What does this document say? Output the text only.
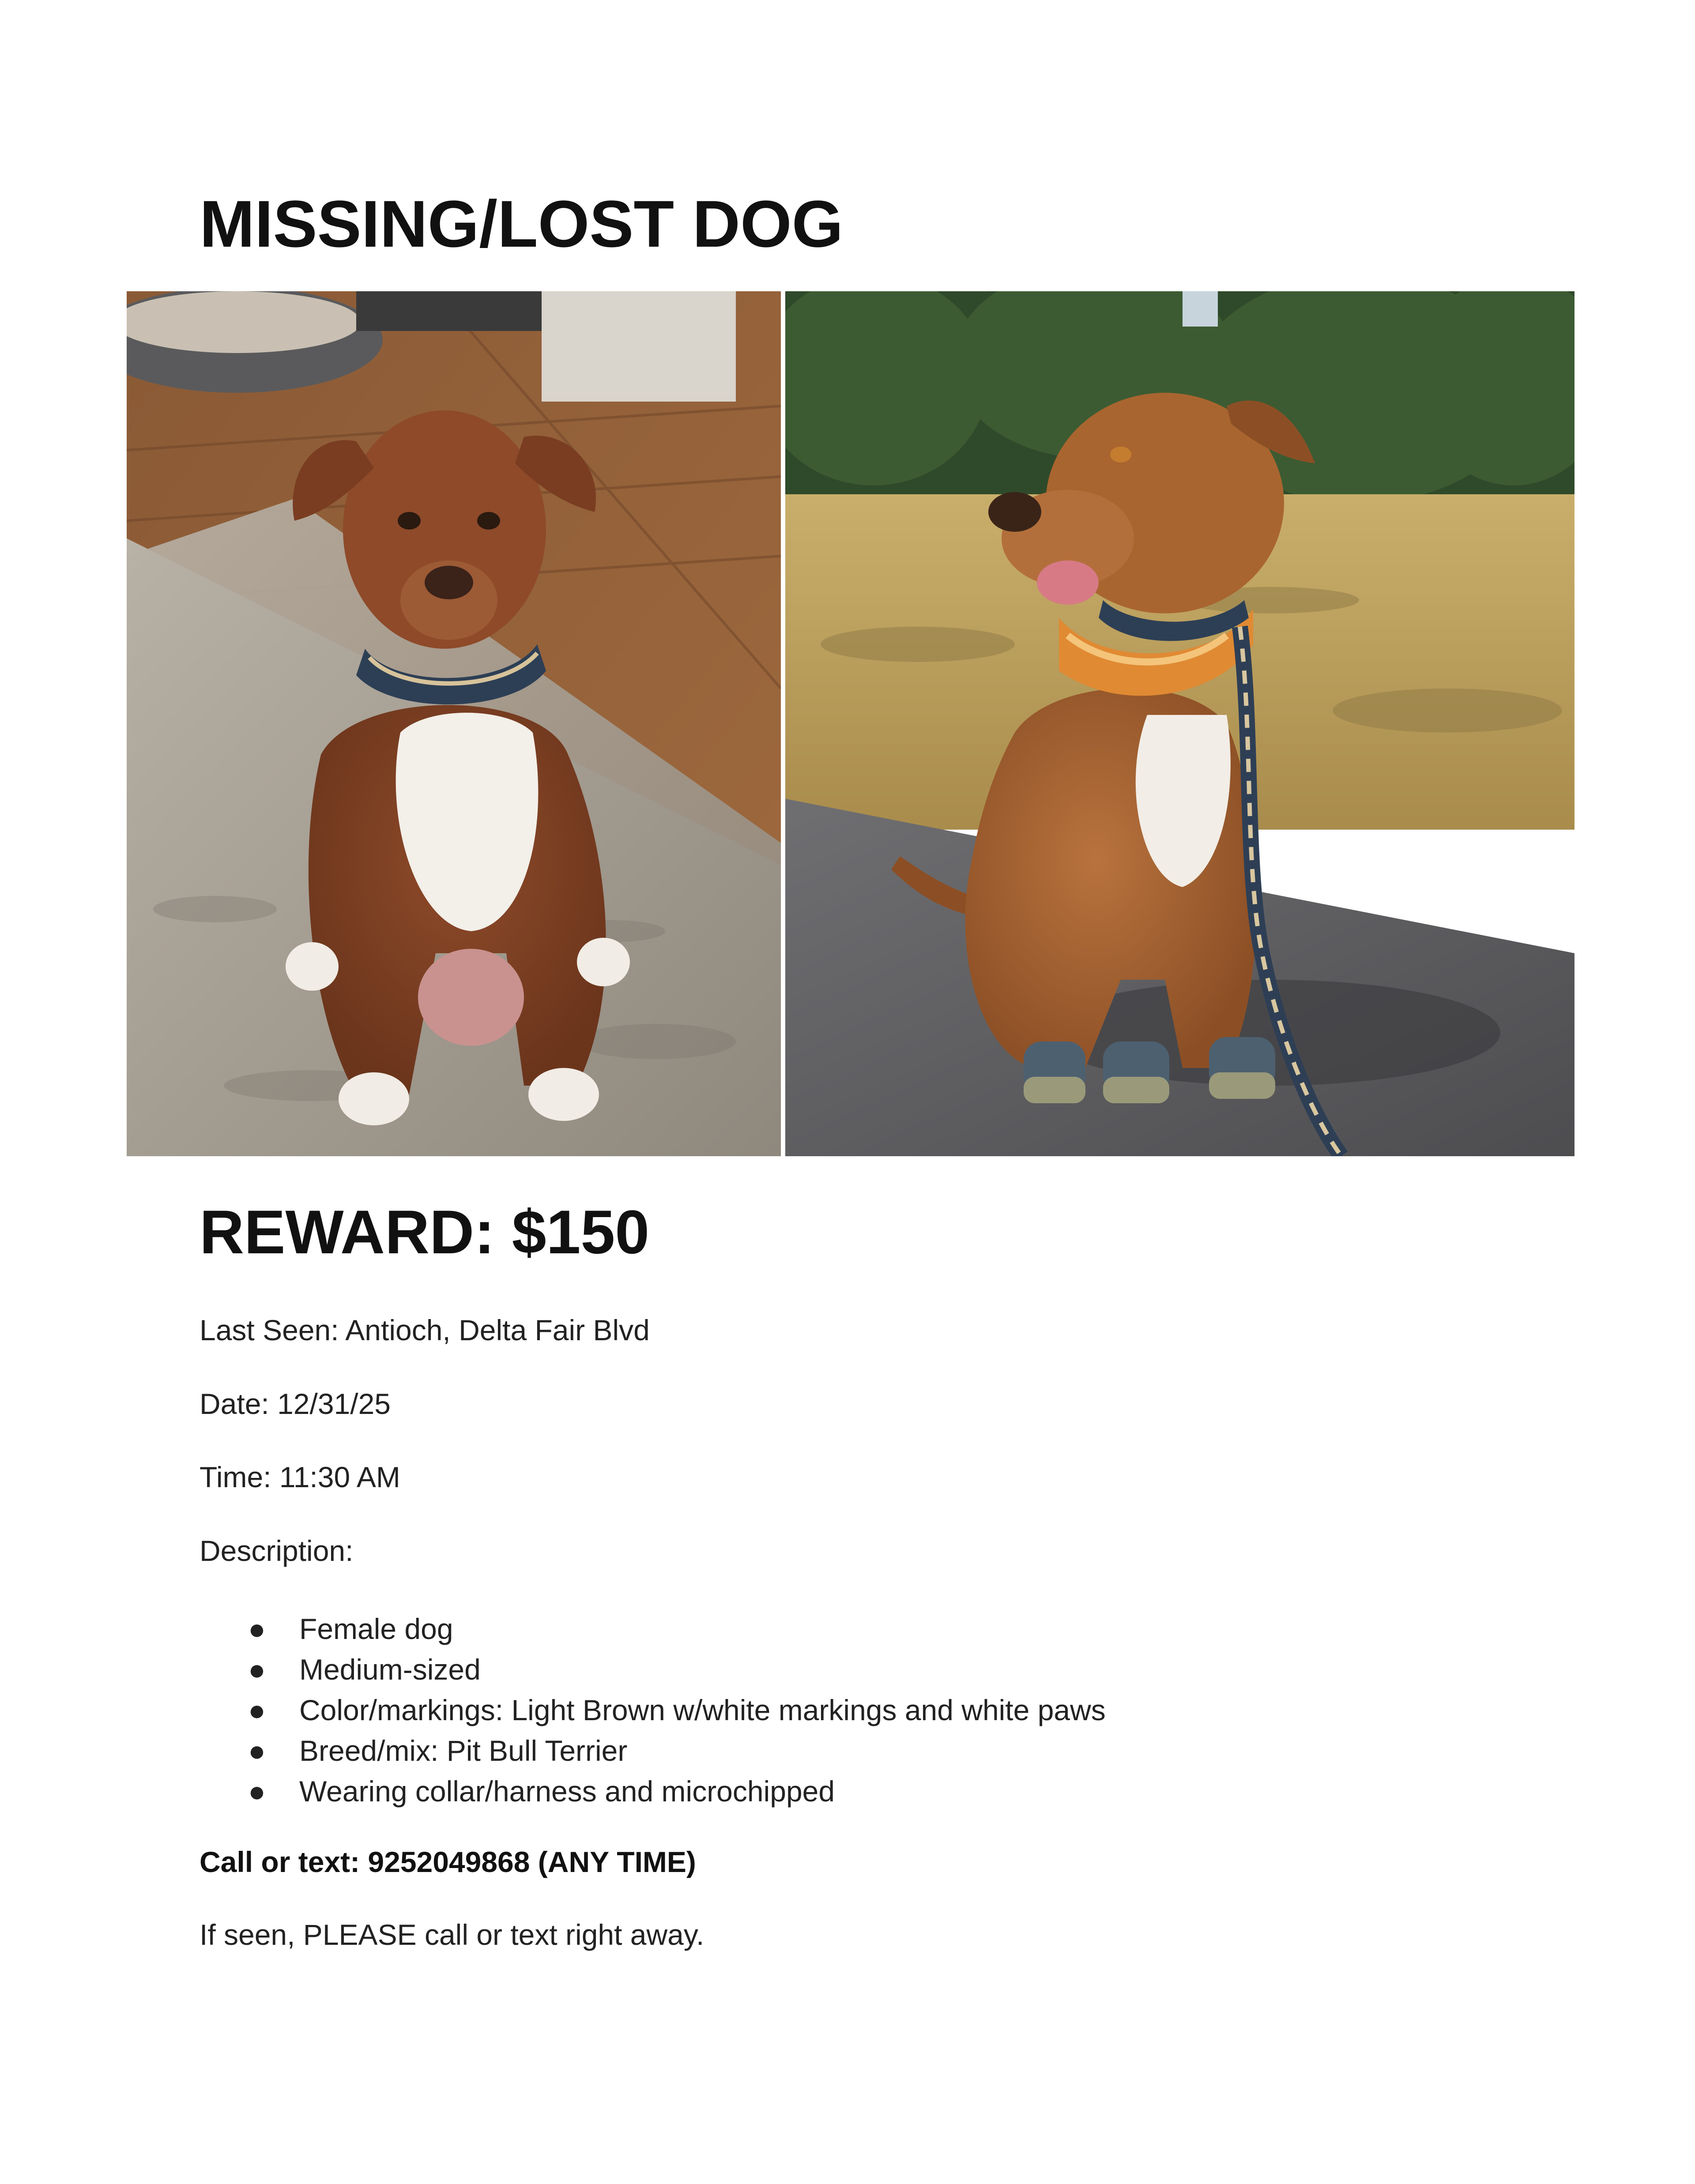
MISSING/LOST DOG
REWARD: $150

Last Seen: Antioch, Delta Fair Blvd

Date: 12/31/25

Time: 11:30 AM

Description:

● Female dog
● Medium-sized
● Color/markings: Light Brown w/white markings and white paws
● Breed/mix: Pit Bull Terrier
● Wearing collar/harness and microchipped

Call or text: 9252049868 (ANY TIME)

If seen, PLEASE call or text right away.
